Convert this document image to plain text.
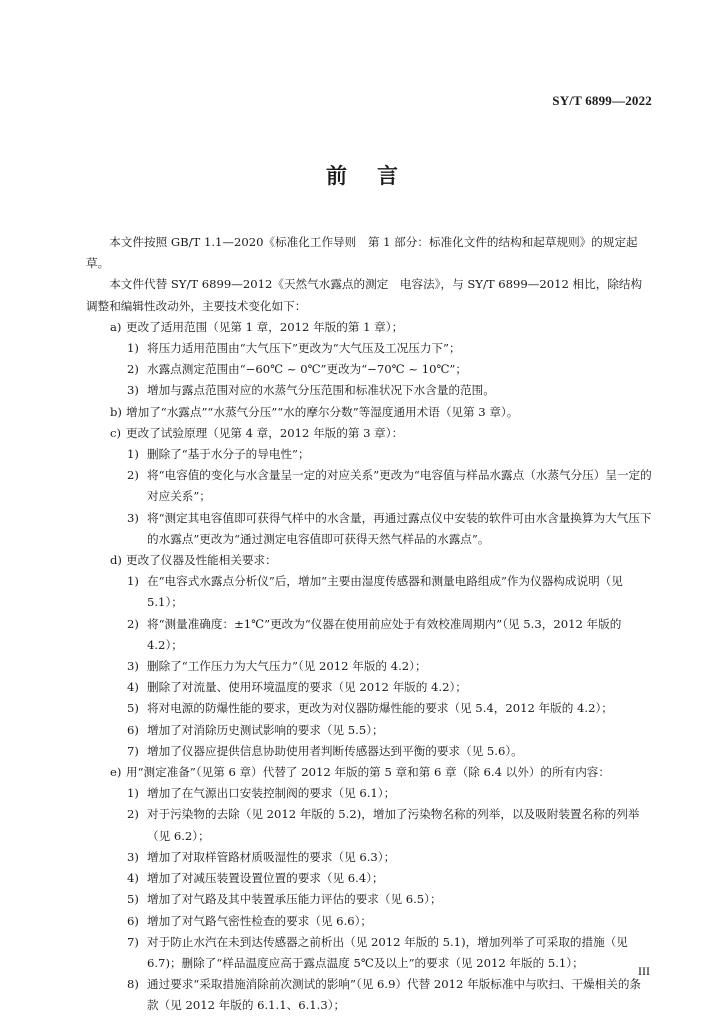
SY/T 6899—2022
前言

本文件按照 GB/T 1.1—2020《标准化工作导则　第 1 部分：标准化文件的结构和起草规则》的规定起草。

本文件代替 SY/T 6899—2012《天然气水露点的测定　电容法》，与 SY/T 6899—2012 相比，除结构调整和编辑性改动外，主要技术变化如下：

a) 更改了适用范围（见第 1 章，2012 年版的第 1 章）；
1) 将压力适用范围由“大气压下”更改为“大气压及工况压力下”；
2) 水露点测定范围由“−60℃ ~ 0℃”更改为“−70℃ ~ 10℃”；
3) 增加与露点范围对应的水蒸气分压范围和标准状况下水含量的范围。
b) 增加了“水露点”“水蒸气分压”“水的摩尔分数”等湿度通用术语（见第 3 章）。
c) 更改了试验原理（见第 4 章，2012 年版的第 3 章）：
1) 删除了“基于水分子的导电性”；
2) 将“电容值的变化与水含量呈一定的对应关系”更改为“电容值与样品水露点（水蒸气分压）呈一定的对应关系”；
3) 将“测定其电容值即可获得气样中的水含量，再通过露点仪中安装的软件可由水含量换算为大气压下的水露点”更改为“通过测定电容值即可获得天然气样品的水露点”。
d) 更改了仪器及性能相关要求：
1) 在“电容式水露点分析仪”后，增加“主要由湿度传感器和测量电路组成”作为仪器构成说明（见 5.1）；
2) 将“测量准确度：±1℃”更改为“仪器在使用前应处于有效校准周期内”（见 5.3，2012 年版的 4.2）；
3) 删除了“工作压力为大气压力”（见 2012 年版的 4.2）；
4) 删除了对流量、使用环境温度的要求（见 2012 年版的 4.2）；
5) 将对电源的防爆性能的要求，更改为对仪器防爆性能的要求（见 5.4，2012 年版的 4.2）；
6) 增加了对消除历史测试影响的要求（见 5.5）；
7) 增加了仪器应提供信息协助使用者判断传感器达到平衡的要求（见 5.6）。
e) 用“测定准备”（见第 6 章）代替了 2012 年版的第 5 章和第 6 章（除 6.4 以外）的所有内容：
1) 增加了在气源出口安装控制阀的要求（见 6.1）；
2) 对于污染物的去除（见 2012 年版的 5.2)，增加了污染物名称的列举，以及吸附装置名称的列举（见 6.2）；
3) 增加了对取样管路材质吸湿性的要求（见 6.3）；
4) 增加了对减压装置设置位置的要求（见 6.4）；
5) 增加了对气路及其中装置承压能力评估的要求（见 6.5）；
6) 增加了对气路气密性检查的要求（见 6.6）；
7) 对于防止水汽在未到达传感器之前析出（见 2012 年版的 5.1)，增加列举了可采取的措施（见 6.7)；删除了“样品温度应高于露点温度 5℃及以上”的要求（见 2012 年版的 5.1）；
8) 通过要求“采取措施消除前次测试的影响”（见 6.9）代替 2012 年版标准中与吹扫、干燥相关的条款（见 2012 年版的 6.1.1、6.1.3）；
III
